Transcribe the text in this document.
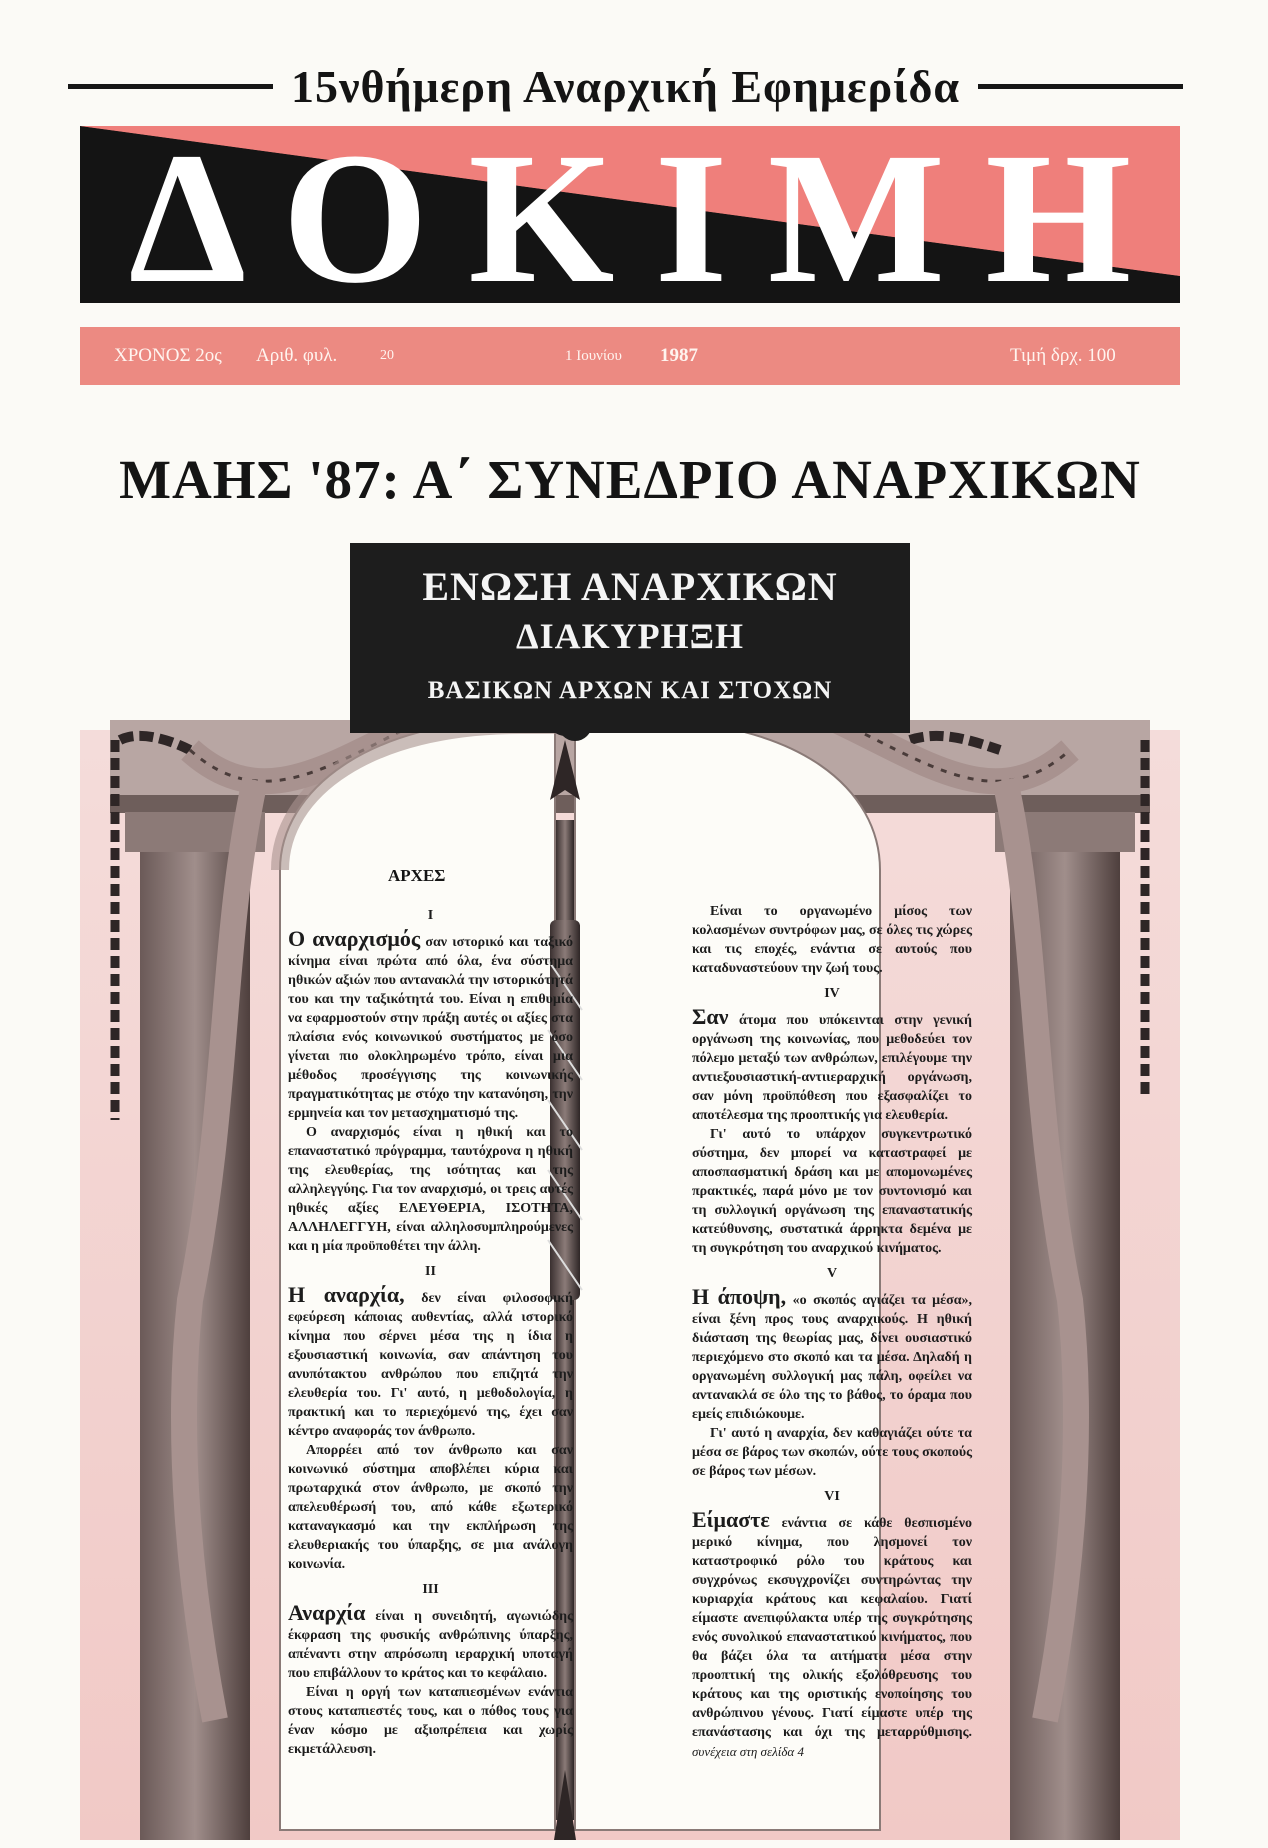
15νθήμερη Αναρχική Εφημερίδα
ΔΟΚΙΜΗ
ΧΡΟΝΟΣ 2ος Αριθ. φυλ.	20	1 Ιουνίου 1987	Τιμή δρχ. 100
ΜΑΗΣ '87: Α΄ ΣΥΝΕΔΡΙΟ ΑΝΑΡΧΙΚΩΝ
ΕΝΩΣΗ ΑΝΑΡΧΙΚΩΝ
ΔΙΑΚΥΡΗΞΗ
ΒΑΣΙΚΩΝ ΑΡΧΩΝ ΚΑΙ ΣΤΟΧΩΝ
ΑΡΧΕΣ

I

Ο αναρχισμός σαν ιστορικό και ταξικό κίνημα είναι πρώτα από όλα, ένα σύστημα ηθικών αξιών που αντανακλά την ιστορικότητά του και την ταξικότητά του. Είναι η επιθυμία να εφαρμοστούν στην πράξη αυτές οι αξίες στα πλαίσια ενός κοινωνικού συστήματος με όσο γίνεται πιο ολοκληρωμένο τρόπο, είναι μια μέθοδος προσέγγισης της κοινωνικής πραγματικότητας με στόχο την κατανόηση, την ερμηνεία και τον μετασχηματισμό της.

Ο αναρχισμός είναι η ηθική και το επαναστατικό πρόγραμμα, ταυτόχρονα η ηθική της ελευθερίας, της ισότητας και της αλληλεγγύης. Για τον αναρχισμό, οι τρεις αυτές ηθικές αξίες ΕΛΕΥΘΕΡΙΑ, ΙΣΟΤΗΤΑ, ΑΛΛΗΛΕΓΓΥΗ, είναι αλληλοσυμπληρούμενες και η μία προϋποθέτει την άλλη.

II

Η αναρχία, δεν είναι φιλοσοφική εφεύρεση κάποιας αυθεντίας, αλλά ιστορικό κίνημα που σέρνει μέσα της η ίδια η εξουσιαστική κοινωνία, σαν απάντηση του ανυπότακτου ανθρώπου που επιζητά την ελευθερία του. Γι' αυτό, η μεθοδολογία, η πρακτική και το περιεχόμενό της, έχει σαν κέντρο αναφοράς τον άνθρωπο.

Απορρέει από τον άνθρωπο και σαν κοινωνικό σύστημα αποβλέπει κύρια και πρωταρχικά στον άνθρωπο, με σκοπό την απελευθέρωσή του, από κάθε εξωτερικό καταναγκασμό και την εκπλήρωση της ελευθεριακής του ύπαρξης, σε μια ανάλογη κοινωνία.

III

Αναρχία είναι η συνειδητή, αγωνιώδης έκφραση της φυσικής ανθρώπινης ύπαρξης, απέναντι στην απρόσωπη ιεραρχική υποταγή που επιβάλλουν το κράτος και το κεφάλαιο.

Είναι η οργή των καταπιεσμένων ενάντια στους καταπιεστές τους, και ο πόθος τους για έναν κόσμο με αξιοπρέπεια και χωρίς εκμετάλλευση.

Είναι το οργανωμένο μίσος των κολασμένων συντρόφων μας, σε όλες τις χώρες και τις εποχές, ενάντια σε αυτούς που καταδυναστεύουν την ζωή τους.

IV

Σαν άτομα που υπόκεινται στην γενική οργάνωση της κοινωνίας, που μεθοδεύει τον πόλεμο μεταξύ των ανθρώπων, επιλέγουμε την αντιεξουσιαστική-αντιιεραρχική οργάνωση, σαν μόνη προϋπόθεση που εξασφαλίζει το αποτέλεσμα της προοπτικής για ελευθερία.

Γι' αυτό το υπάρχον συγκεντρωτικό σύστημα, δεν μπορεί να καταστραφεί με αποσπασματική δράση και με απομονωμένες πρακτικές, παρά μόνο με τον συντονισμό και τη συλλογική οργάνωση της επαναστατικής κατεύθυνσης, συστατικά άρρηκτα δεμένα με τη συγκρότηση του αναρχικού κινήματος.

V

Η άποψη, «ο σκοπός αγιάζει τα μέσα», είναι ξένη προς τους αναρχικούς. Η ηθική διάσταση της θεωρίας μας, δίνει ουσιαστικό περιεχόμενο στο σκοπό και τα μέσα. Δηλαδή η οργανωμένη συλλογική μας πάλη, οφείλει να αντανακλά σε όλο της το βάθος, το όραμα που εμείς επιδιώκουμε.

Γι' αυτό η αναρχία, δεν καθαγιάζει ούτε τα μέσα σε βάρος των σκοπών, ούτε τους σκοπούς σε βάρος των μέσων.

VI

Είμαστε ενάντια σε κάθε θεσπισμένο μερικό κίνημα, που λησμονεί τον καταστροφικό ρόλο του κράτους και συγχρόνως εκσυγχρονίζει συντηρώντας την κυριαρχία κράτους και κεφαλαίου. Γιατί είμαστε ανεπιφύλακτα υπέρ της συγκρότησης ενός συνολικού επαναστατικού κινήματος, που θα βάζει όλα τα αιτήματα μέσα στην προοπτική της ολικής εξολόθρευσης του κράτους και της οριστικής ενοποίησης του ανθρώπινου γένους. Γιατί είμαστε υπέρ της επανάστασης και όχι της μεταρρύθμισης. συνέχεια στη σελίδα 4
